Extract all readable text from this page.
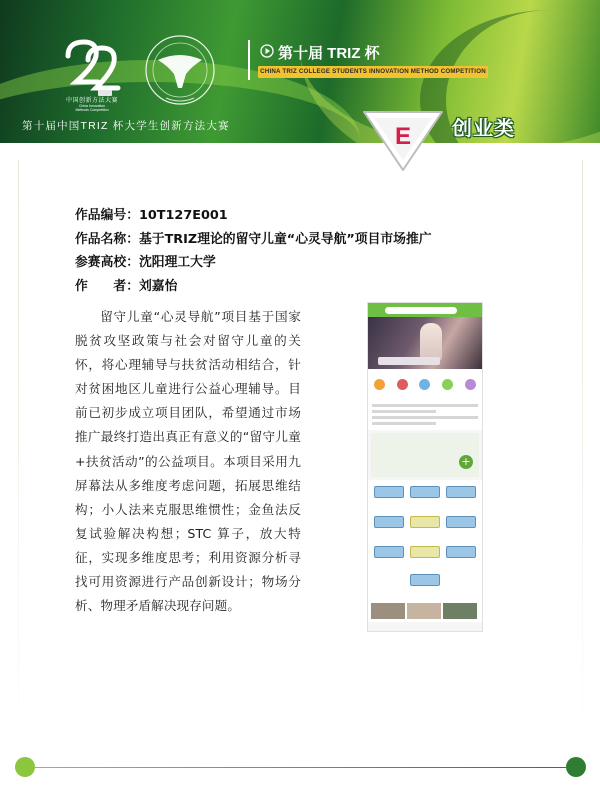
中国创新方法大赛
China Innovation
Methods Competition
第十届 TRIZ 杯
CHINA TRIZ COLLEGE STUDENTS INNOVATION METHOD COMPETITION
第十届中国TRIZ 杯大学生创新方法大赛	E 创业类
作品编号：10T127E001
作品名称：基于TRIZ理论的留守儿童“心灵导航”项目市场推广
参赛高校：沈阳理工大学
作　　者：刘嘉怡

留守儿童“心灵导航”项目基于国家脱贫攻坚政策与社会对留守儿童的关怀，将心理辅导与扶贫活动相结合，针对贫困地区儿童进行公益心理辅导。目前已初步成立项目团队，希望通过市场推广最终打造出真正有意义的“留守儿童+扶贫活动”的公益项目。本项目采用九屏幕法从多维度考虑问题，拓展思维结构；小人法来克服思维惯性；金鱼法反复试验解决构想；STC 算子，放大特征，实现多维度思考；利用资源分析寻找可用资源进行产品创新设计；物场分析、物理矛盾解决现存问题。

+
